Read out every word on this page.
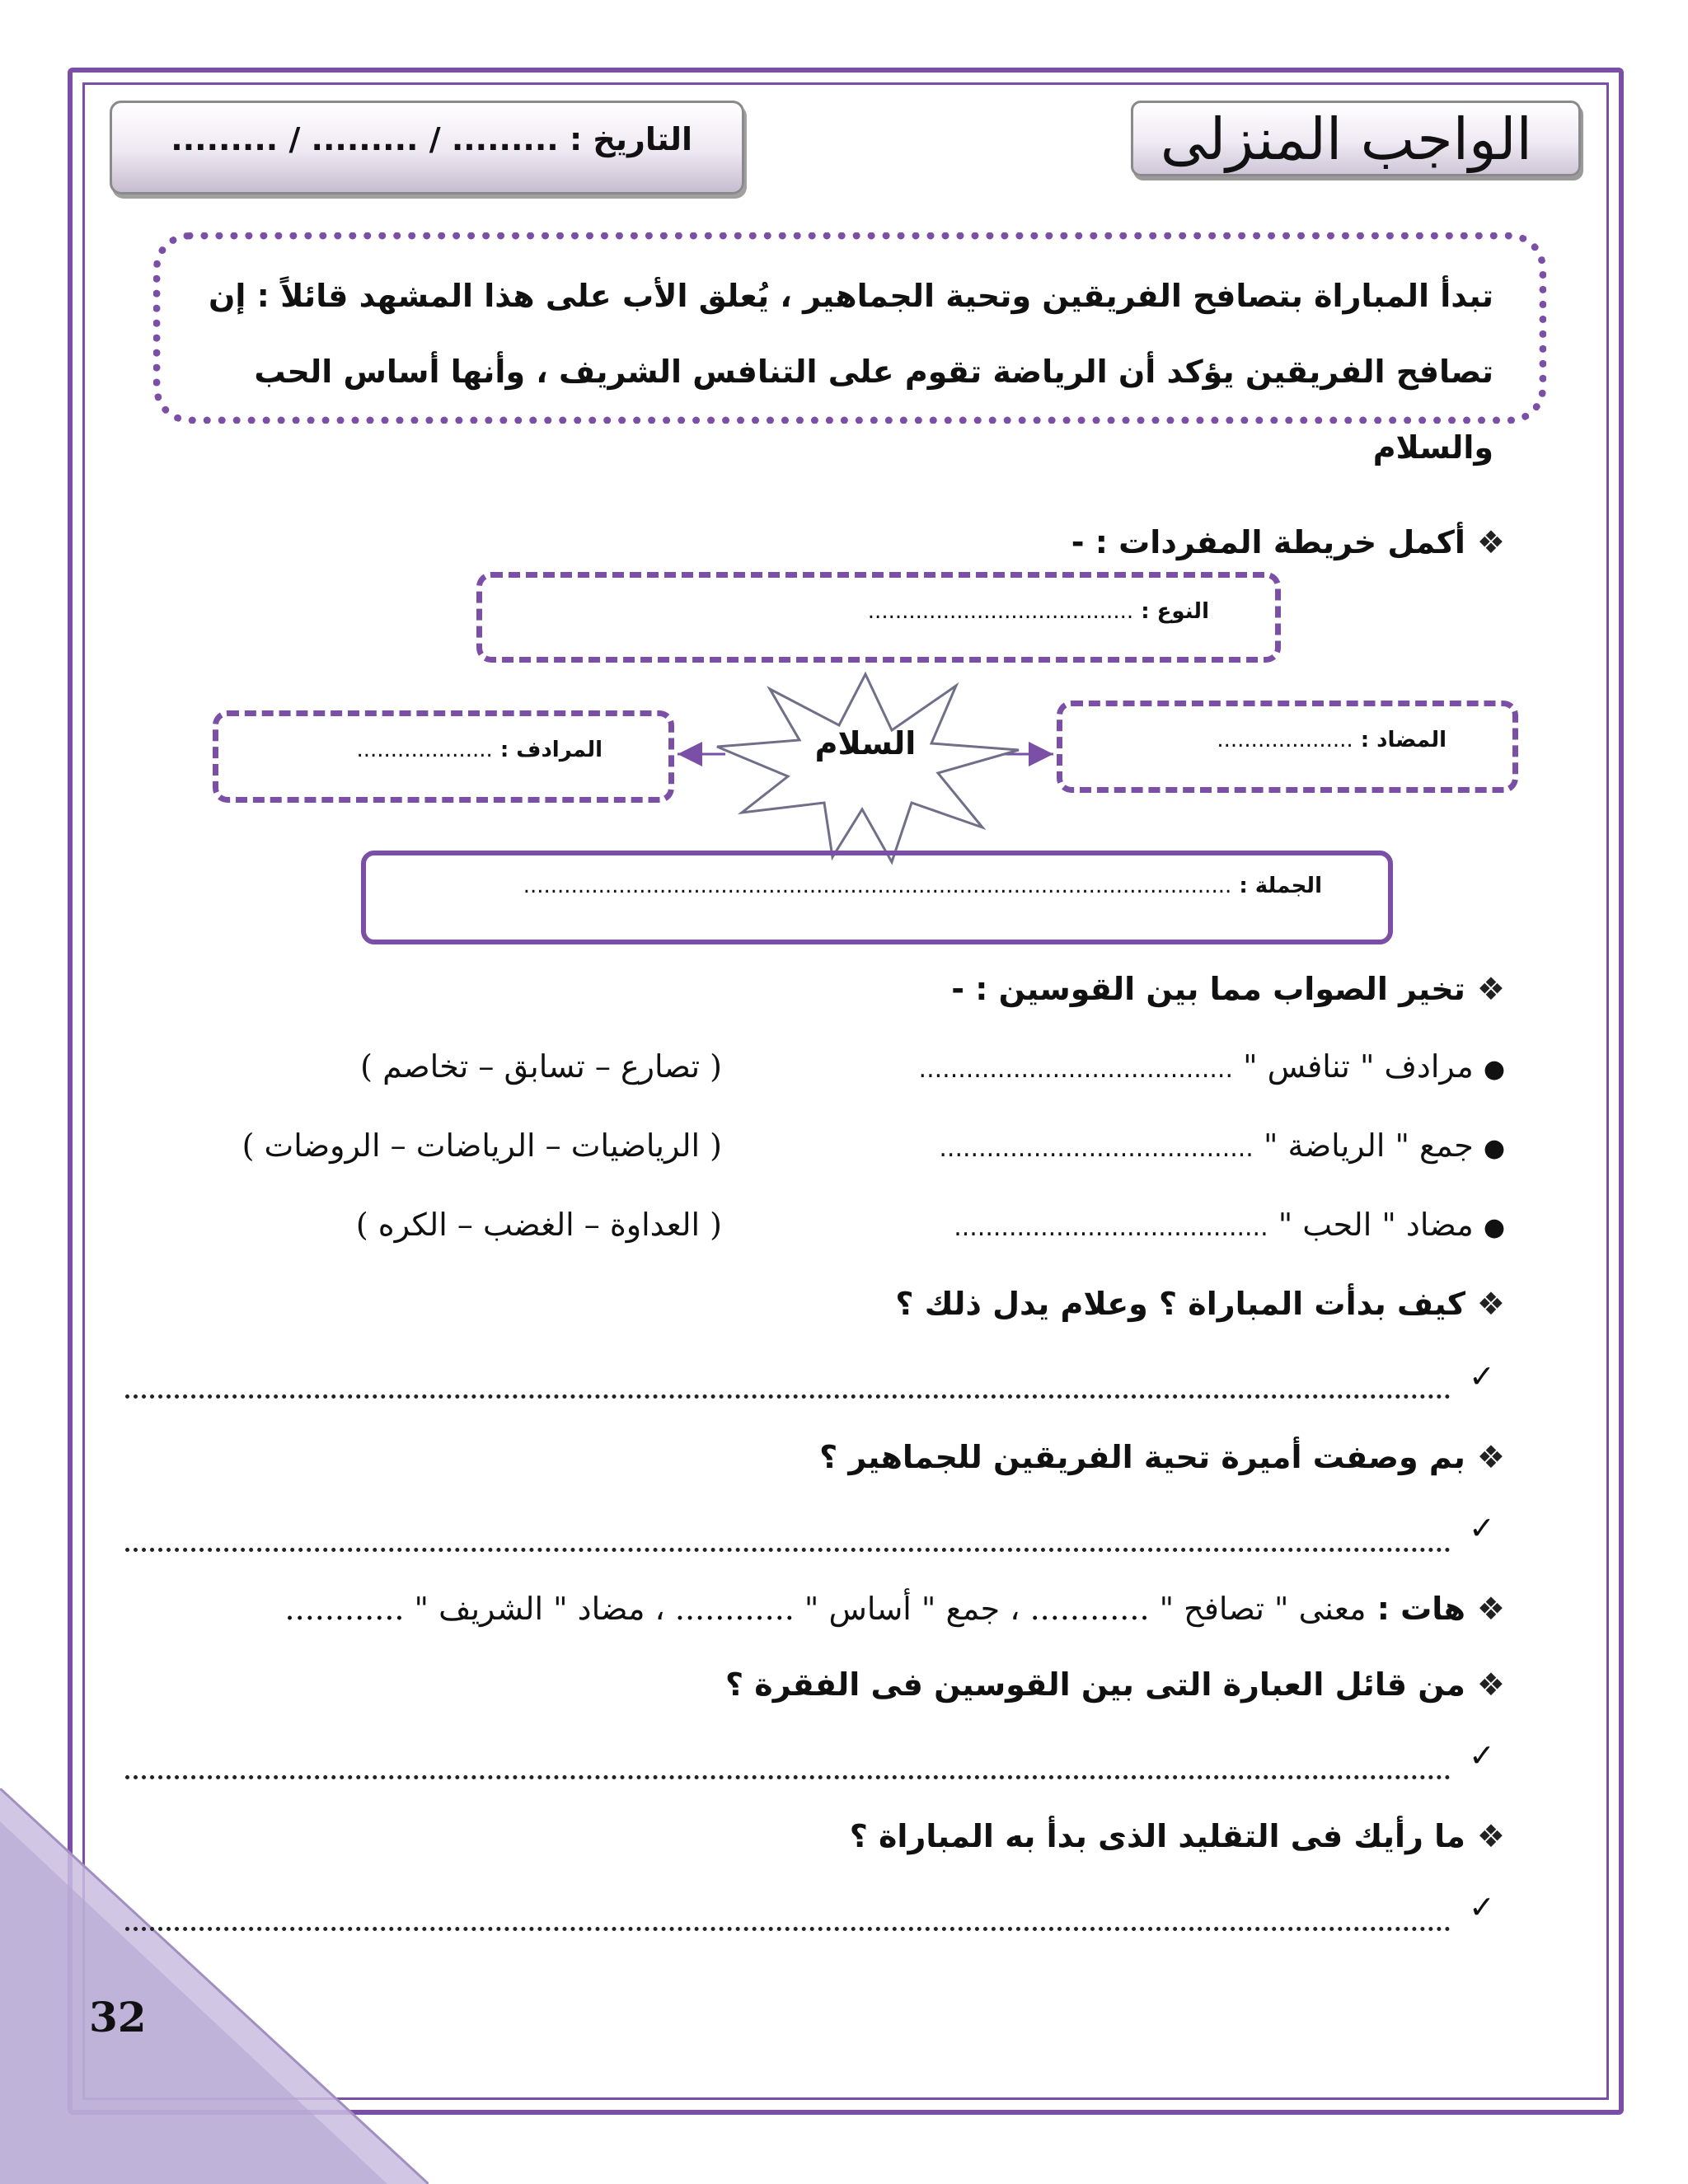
الواجب المنزلى
التاريخ : ......... / ......... / .........
تبدأ المباراة بتصافح الفريقين وتحية الجماهير ، يُعلق الأب على هذا المشهد قائلاً : إن
تصافح الفريقين يؤكد أن الرياضة تقوم على التنافس الشريف ، وأنها أساس الحب والسلام
❖أكمل خريطة المفردات : -
النوع : .......................................
المضاد : ....................
المرادف : ....................	السلام
الجملة : ........................................................................................................
❖تخير الصواب مما بين القوسين : -
● مرادف " تنافس " ........................................
( تصارع – تسابق – تخاصم )
● جمع " الرياضة " ........................................
( الرياضيات – الرياضات – الروضات )
● مضاد " الحب " ........................................
( العداوة – الغضب – الكره )
❖كيف بدأت المباراة ؟ وعلام يدل ذلك ؟
✓
❖بم وصفت أميرة تحية الفريقين للجماهير ؟
✓
❖هات : معنى " تصافح " ............ ، جمع " أساس " ............ ، مضاد " الشريف " ............
❖من قائل العبارة التى بين القوسين فى الفقرة ؟
✓
❖ما رأيك فى التقليد الذى بدأ به المباراة ؟
✓
32
